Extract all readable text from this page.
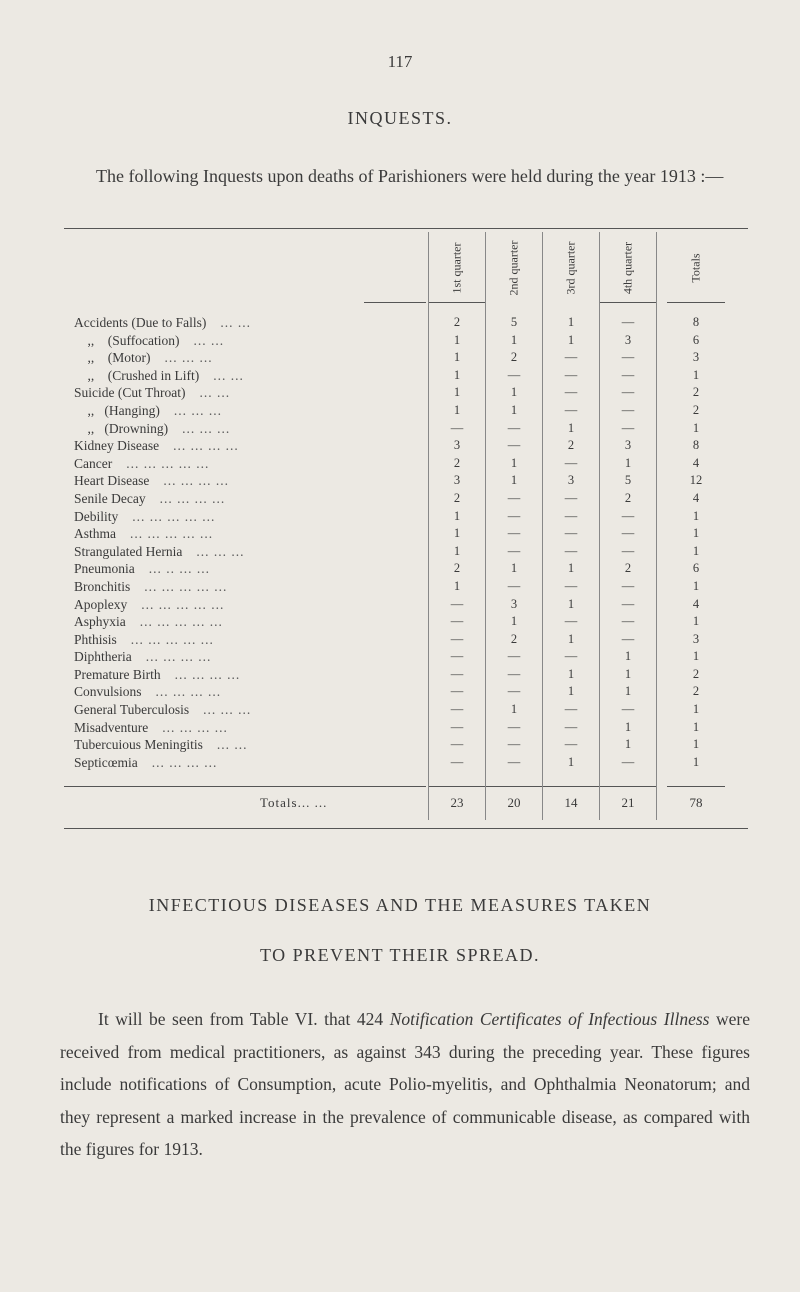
117
INQUESTS.
The following Inquests upon deaths of Parishioners were held during the year 1913 :—
1st quarter	2nd quarter	3rd quarter	4th quarter	Totals
Accidents (Due to Falls) ... ...	2	5	1	—	8
,,    (Suffocation) ... ...	1	1	1	3	6
,,    (Motor) ... ... ...	1	2	—	—	3
,,    (Crushed in Lift) ... ...	1	—	—	—	1
Suicide (Cut Throat) ... ...	1	1	—	—	2
,,   (Hanging) ... ... ...	1	1	—	—	2
,,   (Drowning) ... ... ...	—	—	1	—	1
Kidney Disease ... ... ... ...	3	—	2	3	8
Cancer ... ... ... ... ...	2	1	—	1	4
Heart Disease ... ... ... ...	3	1	3	5	12
Senile Decay ... ... ... ...	2	—	—	2	4
Debility ... ... ... ... ...	1	—	—	—	1
Asthma ... ... ... ... ...	1	—	—	—	1
Strangulated Hernia ... ... ...	1	—	—	—	1
Pneumonia ... .. ... ...	2	1	1	2	6
Bronchitis ... ... ... ... ...	1	—	—	—	1
Apoplexy ... ... ... ... ...	—	3	1	—	4
Asphyxia ... ... ... ... ...	—	1	—	—	1
Phthisis ... ... ... ... ...	—	2	1	—	3
Diphtheria ... ... ... ...	—	—	—	1	1
Premature Birth ... ... ... ...	—	—	1	1	2
Convulsions ... ... ... ...	—	—	1	1	2
General Tuberculosis ... ... ...	—	1	—	—	1
Misadventure ... ... ... ...	—	—	—	1	1
Tubercuious Meningitis ... ...	—	—	—	1	1
Septicœmia ... ... ... ...	—	—	1	—	1
Totals... ...	23	20	14	21	78
INFECTIOUS DISEASES AND THE MEASURES TAKEN
TO PREVENT THEIR SPREAD.
It will be seen from Table VI. that 424 Notification Certificates of Infectious Illness were received from medical practitioners, as against 343 during the preceding year. These figures include notifications of Consumption, acute Polio-myelitis, and Ophthalmia Neonatorum; and they represent a marked increase in the prevalence of communicable disease, as compared with the figures for 1913.
